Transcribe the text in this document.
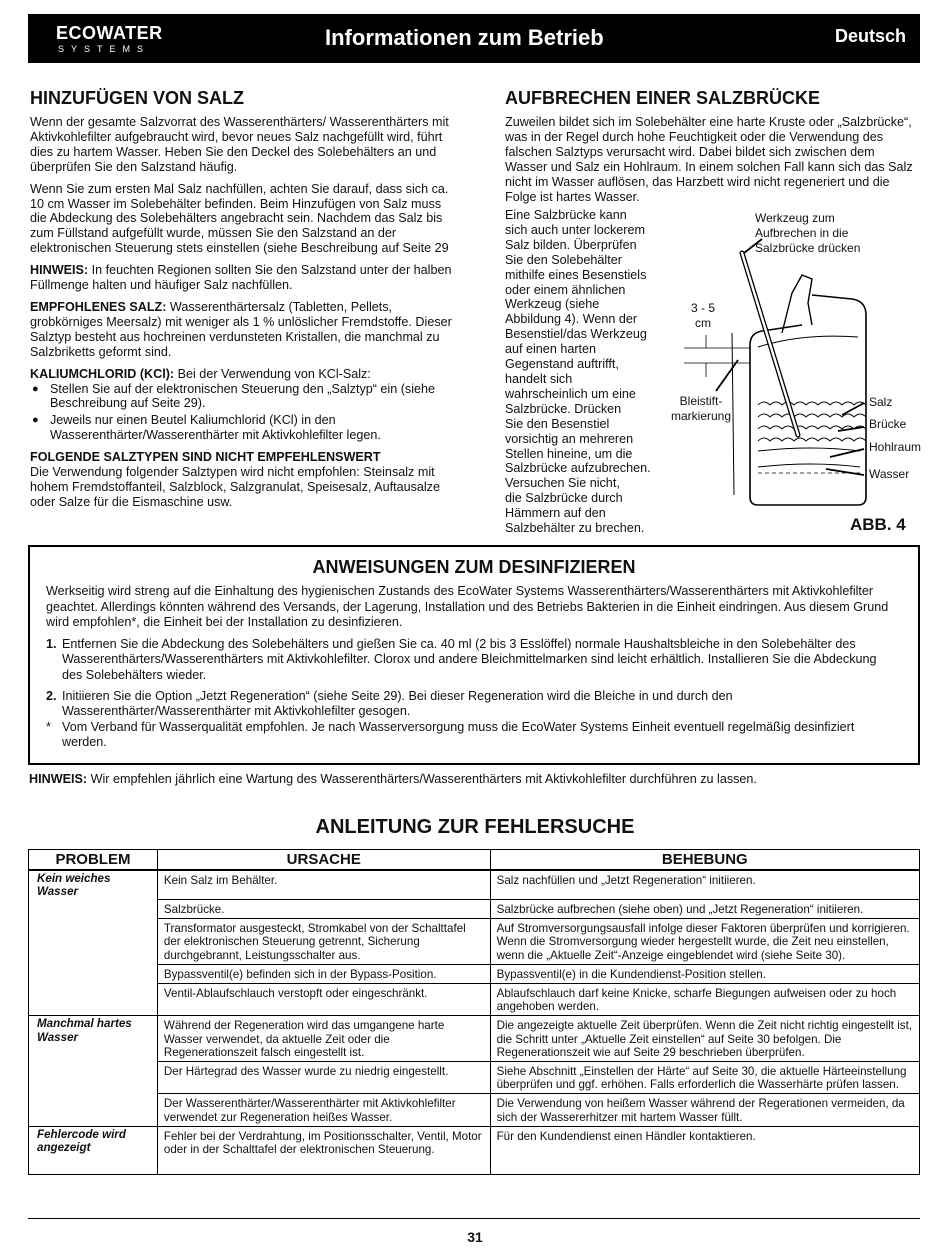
ECOWATER
SYSTEMS	Informationen zum Betrieb	Deutsch
HINZUFÜGEN VON SALZ

Wenn der gesamte Salzvorrat des Wasserenthärters/ Wasserenthärters mit Aktivkohlefilter aufgebraucht wird, bevor neues Salz nachgefüllt wird, führt dies zu hartem Wasser. Heben Sie den Deckel des Solebehälters an und überprüfen Sie den Salzstand häufig.

Wenn Sie zum ersten Mal Salz nachfüllen, achten Sie darauf, dass sich ca. 10 cm Wasser im Solebehälter befinden. Beim Hinzufügen von Salz muss die Abdeckung des Solebehälters angebracht sein. Nachdem das Salz bis zum Füllstand aufgefüllt wurde, müssen Sie den Salzstand an der elektronischen Steuerung stets einstellen (siehe Beschreibung auf Seite 29

HINWEIS: In feuchten Regionen sollten Sie den Salzstand unter der halben Füllmenge halten und häufiger Salz nachfüllen.

EMPFOHLENES SALZ: Wasserenthärtersalz (Tabletten, Pellets, grobkörniges Meersalz) mit weniger als 1 % unlöslicher Fremdstoffe. Dieser Salztyp besteht aus hochreinen verdunsteten Kristallen, die manchmal zu Salzbriketts geformt sind.

KALIUMCHLORID (KCl): Bei der Verwendung von KCl-Salz:

● Stellen Sie auf der elektronischen Steuerung den „Salztyp“ ein (siehe Beschreibung auf Seite 29).
● Jeweils nur einen Beutel Kaliumchlorid (KCl) in den Wasserenthärter/Wasserenthärter mit Aktivkohlefilter legen.

FOLGENDE SALZTYPEN SIND NICHT EMPFEHLENSWERT

Die Verwendung folgender Salztypen wird nicht empfohlen: Steinsalz mit hohem Fremdstoffanteil, Salzblock, Salzgranulat, Speisesalz, Auftausalze oder Salze für die Eismaschine usw.

AUFBRECHEN EINER SALZBRÜCKE

Zuweilen bildet sich im Solebehälter eine harte Kruste oder „Salzbrücke“, was in der Regel durch hohe Feuchtigkeit oder die Verwendung des falschen Salztyps verursacht wird. Dabei bildet sich zwischen dem Wasser und Salz ein Hohlraum. In einem solchen Fall kann sich das Salz nicht im Wasser auflösen, das Harzbett wird nicht regeneriert und die Folge ist hartes Wasser.

Eine Salzbrücke kann
sich auch unter lockerem
Salz bilden. Überprüfen
Sie den Solebehälter
mithilfe eines Besenstiels
oder einem ähnlichen
Werkzeug (siehe
Abbildung 4). Wenn der
Besenstiel/das Werkzeug
auf einen harten
Gegenstand auftrifft,
handelt sich
wahrscheinlich um eine
Salzbrücke. Drücken
Sie den Besenstiel
vorsichtig an mehreren
Stellen hineine, um die
Salzbrücke aufzubrechen.
Versuchen Sie nicht,
die Salzbrücke durch
Hämmern auf den
Salzbehälter zu brechen.
Werkzeug zum
Aufbrechen in die
Salzbrücke drücken
3 - 5
cm
Bleistift-
markierung
Salz
Brücke
Hohlraum
Wasser
ABB. 4
ANWEISUNGEN ZUM DESINFIZIEREN

Werkseitig wird streng auf die Einhaltung des hygienischen Zustands des EcoWater Systems Wasserenthärters/Wasserenthärters mit Aktivkohlefilter geachtet. Allerdings könnten während des Versands, der Lagerung, Installation und des Betriebs Bakterien in die Einheit eindringen. Aus diesem Grund wird empfohlen*, die Einheit bei der Installation zu desinfizieren.

1. Entfernen Sie die Abdeckung des Solebehälters und gießen Sie ca. 40 ml (2 bis 3 Esslöffel) normale Haushaltsbleiche in den Solebehälter des Wasserenthärters/Wasserenthärters mit Aktivkohlefilter. Clorox und andere Bleichmittelmarken sind leicht erhältlich. Installieren Sie die Abdeckung des Solebehälters wieder.
2. Initiieren Sie die Option „Jetzt Regeneration“ (siehe Seite 29). Bei dieser Regeneration wird die Bleiche in und durch den Wasserenthärter/Wasserenthärter mit Aktivkohlefilter gesogen.
* Vom Verband für Wasserqualität empfohlen. Je nach Wasserversorgung muss die EcoWater Systems Einheit eventuell regelmäßig desinfiziert werden.

HINWEIS: Wir empfehlen jährlich eine Wartung des Wasserenthärters/Wasserenthärters mit Aktivkohlefilter durchführen zu lassen.

ANLEITUNG ZUR FEHLERSUCHE
PROBLEM	URSACHE	BEHEBUNG
Kein weiches Wasser	Kein Salz im Behälter.	Salz nachfüllen und „Jetzt Regeneration“ initiieren.
	Salzbrücke.	Salzbrücke aufbrechen (siehe oben) und „Jetzt Regeneration“ initiieren.
	Transformator ausgesteckt, Stromkabel von der Schalttafel der elektronischen Steuerung getrennt, Sicherung durchgebrannt, Leistungsschalter aus.	Auf Stromversorgungsausfall infolge dieser Faktoren überprüfen und korrigieren. Wenn die Stromversorgung wieder hergestellt wurde, die Zeit neu einstellen, wenn die „Aktuelle Zeit“-Anzeige eingeblendet wird (siehe Seite 30).
	Bypassventil(e) befinden sich in der Bypass-Position.	Bypassventil(e) in die Kundendienst-Position stellen.
	Ventil-Ablaufschlauch verstopft oder eingeschränkt.	Ablaufschlauch darf keine Knicke, scharfe Biegungen aufweisen oder zu hoch angehoben werden.
Manchmal hartes Wasser	Während der Regeneration wird das umgangene harte Wasser verwendet, da aktuelle Zeit oder die Regenerationszeit falsch eingestellt ist.	Die angezeigte aktuelle Zeit überprüfen. Wenn die Zeit nicht richtig eingestellt ist, die Schritt unter „Aktuelle Zeit einstellen“ auf Seite 30 befolgen. Die Regenerationszeit wie auf Seite 29 beschrieben überprüfen.
	Der Härtegrad des Wasser wurde zu niedrig eingestellt.	Siehe Abschnitt „Einstellen der Härte“ auf Seite 30, die aktuelle Härteeinstellung überprüfen und ggf. erhöhen. Falls erforderlich die Wasserhärte prüfen lassen.
	Der Wasserenthärter/Wasserenthärter mit Aktivkohlefilter verwendet zur Regeneration heißes Wasser.	Die Verwendung von heißem Wasser während der Regerationen vermeiden, da sich der Wassererhitzer mit hartem Wasser füllt.
Fehlercode wird angezeigt	Fehler bei der Verdrahtung, im Positionsschalter, Ventil, Motor oder in der Schalttafel der elektronischen Steuerung.	Für den Kundendienst einen Händler kontaktieren.
31
